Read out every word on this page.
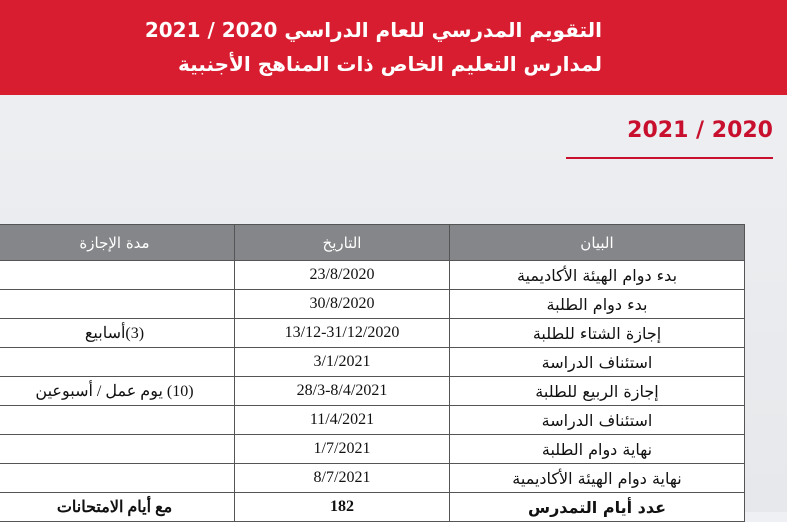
التقويم المدرسي للعام الدراسي 2020 / 2021
لمدارس التعليم الخاص ذات المناهج الأجنبية
2021 / 2020
البيان	التاريخ	مدة الإجازة
بدء دوام الهيئة الأكاديمية	23/8/2020	
بدء دوام الطلبة	30/8/2020	
إجازة الشتاء للطلبة	13/12-31/12/2020	(3)أسابيع
استئناف الدراسة	3/1/2021	
إجازة الربيع للطلبة	28/3-8/4/2021	(10) يوم عمل / أسبوعين
استئناف الدراسة	11/4/2021	
نهاية دوام الطلبة	1/7/2021	
نهاية دوام الهيئة الأكاديمية	8/7/2021	
عدد أيام التمدرس	182	مع أيام الامتحانات
